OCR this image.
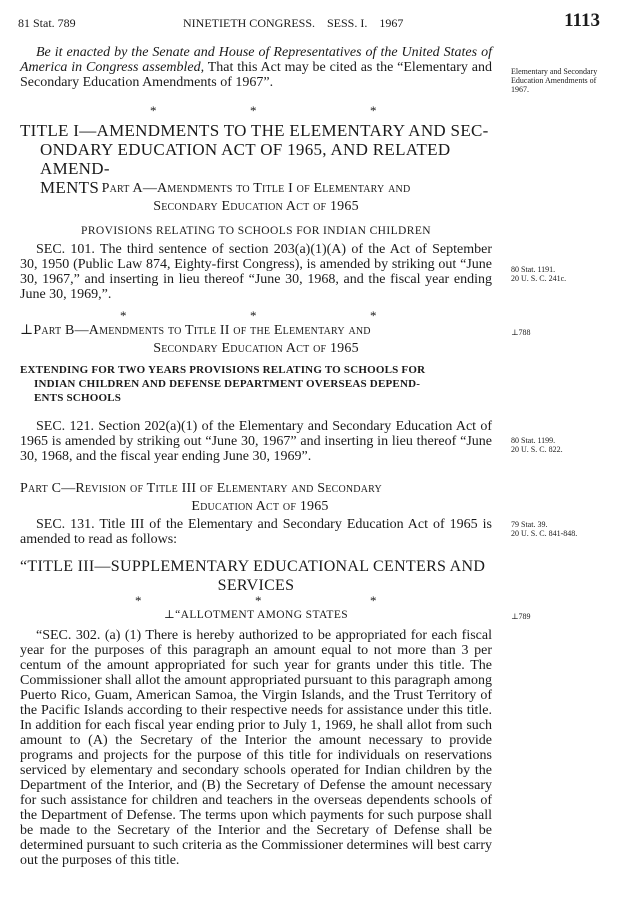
81 Stat. 789	NINETIETH CONGRESS.    SESS. I.    1967	1113
Be it enacted by the Senate and House of Representatives of the United States of America in Congress assembled, That this Act may be cited as the “Elementary and Secondary Education Amendments of 1967”.
*	*	*
TITLE I—AMENDMENTS TO THE ELEMENTARY AND SEC-
ONDARY EDUCATION ACT OF 1965, AND RELATED AMEND-
MENTS Part A—Amendments to Title I of Elementary and
Secondary Education Act of 1965
PROVISIONS RELATING TO SCHOOLS FOR INDIAN CHILDREN
SEC. 101. The third sentence of section 203(a)(1)(A) of the Act of September 30, 1950 (Public Law 874, Eighty-first Congress), is amended by striking out “June 30, 1967,” and inserting in lieu thereof “June 30, 1968, and the fiscal year ending June 30, 1969,”.
*	*	*
⊥Part B—Amendments to Title II of the Elementary and
Secondary Education Act of 1965
EXTENDING FOR TWO YEARS PROVISIONS RELATING TO SCHOOLS FOR
INDIAN CHILDREN AND DEFENSE DEPARTMENT OVERSEAS DEPEND-
ENTS SCHOOLS
SEC. 121. Section 202(a)(1) of the Elementary and Secondary Education Act of 1965 is amended by striking out “June 30, 1967” and inserting in lieu thereof “June 30, 1968, and the fiscal year ending June 30, 1969”.
Part C—Revision of Title III of Elementary and Secondary
Education Act of 1965
SEC. 131. Title III of the Elementary and Secondary Education Act of 1965 is amended to read as follows:
“TITLE III—SUPPLEMENTARY EDUCATIONAL CENTERS AND
SERVICES
*	*	*
⊥“ALLOTMENT AMONG STATES
“SEC. 302. (a) (1) There is hereby authorized to be appropriated for each fiscal year for the purposes of this paragraph an amount equal to not more than 3 per centum of the amount appropriated for such year for grants under this title. The Commissioner shall allot the amount appropriated pursuant to this paragraph among Puerto Rico, Guam, American Samoa, the Virgin Islands, and the Trust Territory of the Pacific Islands according to their respective needs for assistance under this title. In addition for each fiscal year ending prior to July 1, 1969, he shall allot from such amount to (A) the Secretary of the Interior the amount necessary to provide programs and projects for the purpose of this title for individuals on reservations serviced by elementary and secondary schools operated for Indian children by the Department of the Interior, and (B) the Secretary of Defense the amount necessary for such assistance for children and teachers in the overseas dependents schools of the Department of Defense. The terms upon which payments for such purpose shall be made to the Secretary of the Interior and the Secretary of Defense shall be determined pursuant to such criteria as the Commissioner determines will best carry out the purposes of this title.
Elementary and Secondary Education Amendments of 1967.
80 Stat. 1191.
20 U. S. C. 241c.
⊥788
80 Stat. 1199.
20 U. S. C. 822.
79 Stat. 39.
20 U. S. C. 841-848.
⊥789
